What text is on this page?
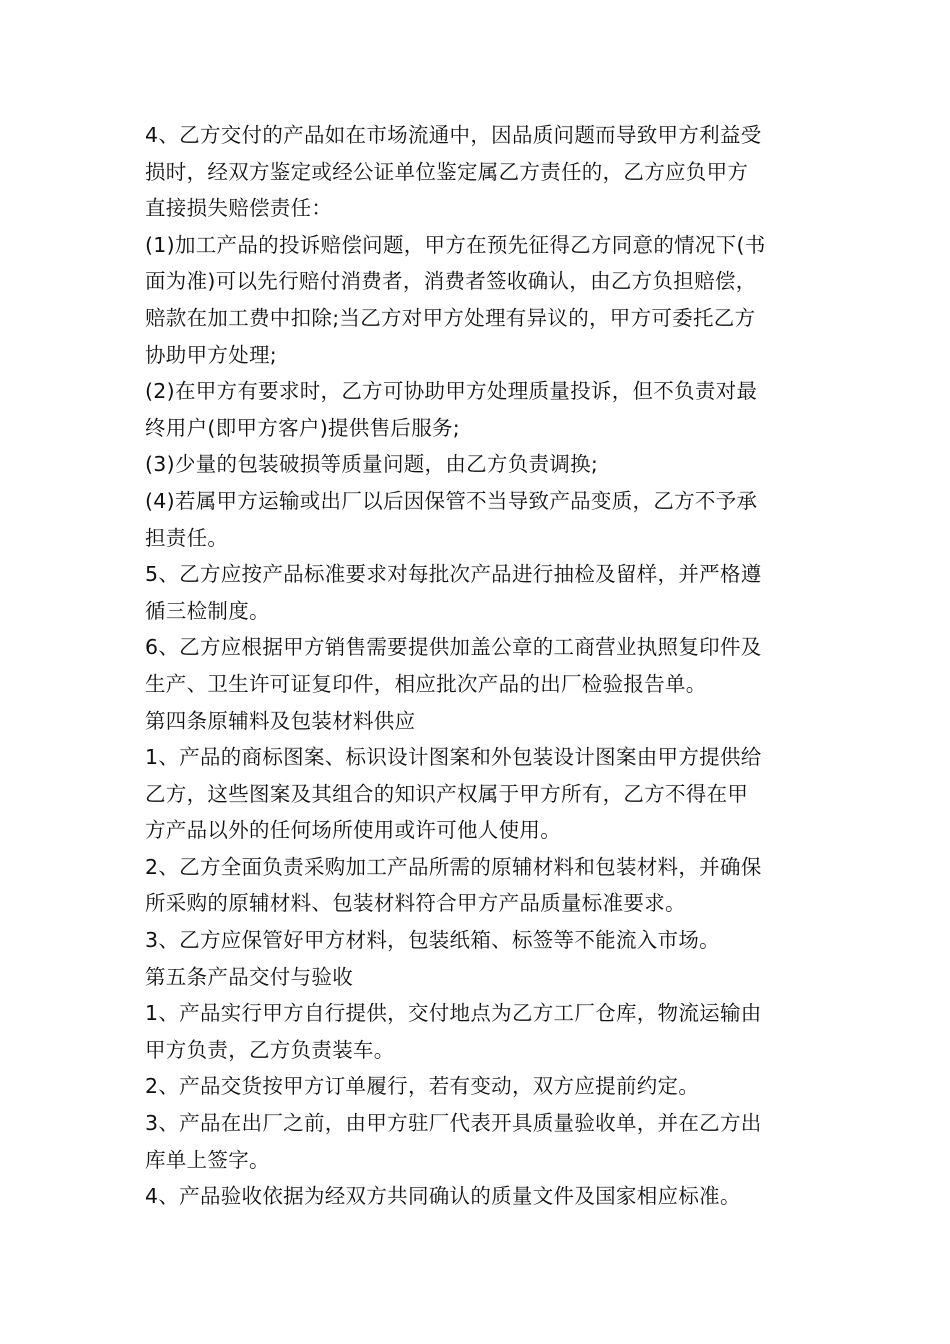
4、乙方交付的产品如在市场流通中，因品质问题而导致甲方利益受
损时，经双方鉴定或经公证单位鉴定属乙方责任的，乙方应负甲方
直接损失赔偿责任：
(1)加工产品的投诉赔偿问题，甲方在预先征得乙方同意的情况下(书
面为准)可以先行赔付消费者，消费者签收确认，由乙方负担赔偿，
赔款在加工费中扣除;当乙方对甲方处理有异议的，甲方可委托乙方
协助甲方处理;
(2)在甲方有要求时，乙方可协助甲方处理质量投诉，但不负责对最
终用户(即甲方客户)提供售后服务;
(3)少量的包装破损等质量问题，由乙方负责调换;
(4)若属甲方运输或出厂以后因保管不当导致产品变质，乙方不予承
担责任。
5、乙方应按产品标准要求对每批次产品进行抽检及留样，并严格遵
循三检制度。
6、乙方应根据甲方销售需要提供加盖公章的工商营业执照复印件及
生产、卫生许可证复印件，相应批次产品的出厂检验报告单。
第四条原辅料及包装材料供应
1、产品的商标图案、标识设计图案和外包装设计图案由甲方提供给
乙方，这些图案及其组合的知识产权属于甲方所有，乙方不得在甲
方产品以外的任何场所使用或许可他人使用。
2、乙方全面负责采购加工产品所需的原辅材料和包装材料，并确保
所采购的原辅材料、包装材料符合甲方产品质量标准要求。
3、乙方应保管好甲方材料，包装纸箱、标签等不能流入市场。
第五条产品交付与验收
1、产品实行甲方自行提供，交付地点为乙方工厂仓库，物流运输由
甲方负责，乙方负责装车。
2、产品交货按甲方订单履行，若有变动，双方应提前约定。
3、产品在出厂之前，由甲方驻厂代表开具质量验收单，并在乙方出
库单上签字。
4、产品验收依据为经双方共同确认的质量文件及国家相应标准。
